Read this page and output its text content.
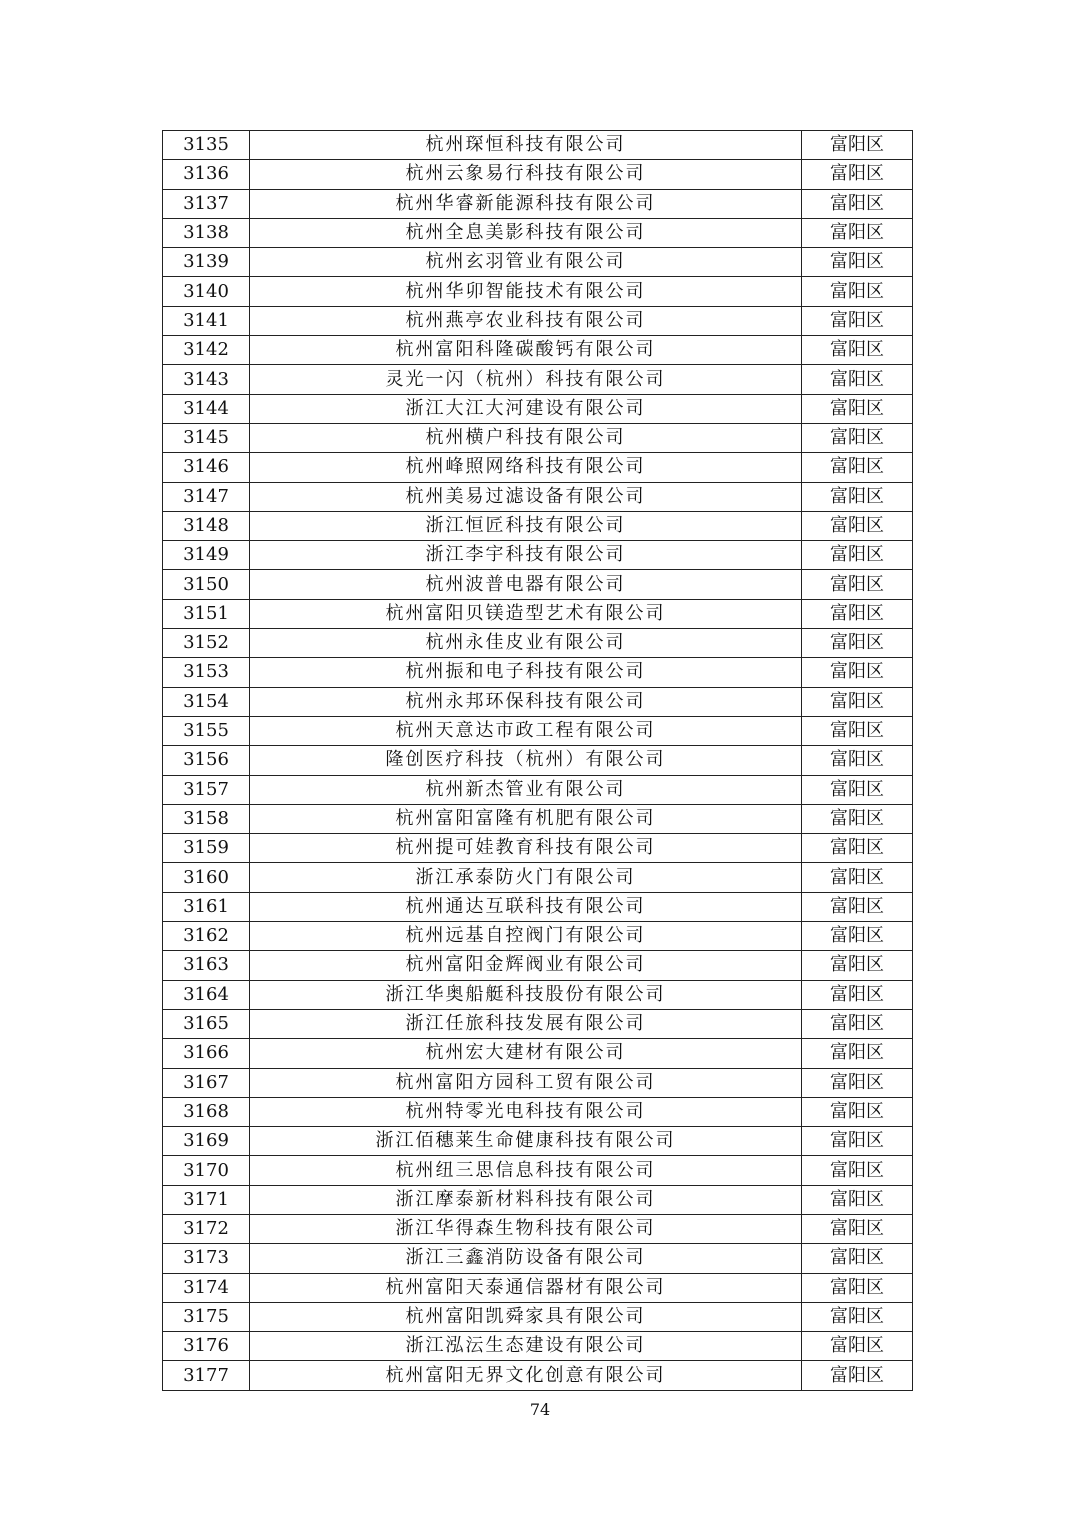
3135	杭州琛恒科技有限公司	富阳区
3136	杭州云象易行科技有限公司	富阳区
3137	杭州华睿新能源科技有限公司	富阳区
3138	杭州全息美影科技有限公司	富阳区
3139	杭州玄羽管业有限公司	富阳区
3140	杭州华卯智能技术有限公司	富阳区
3141	杭州燕亭农业科技有限公司	富阳区
3142	杭州富阳科隆碳酸钙有限公司	富阳区
3143	灵光一闪（杭州）科技有限公司	富阳区
3144	浙江大江大河建设有限公司	富阳区
3145	杭州横户科技有限公司	富阳区
3146	杭州峰照网络科技有限公司	富阳区
3147	杭州美易过滤设备有限公司	富阳区
3148	浙江恒匠科技有限公司	富阳区
3149	浙江李宇科技有限公司	富阳区
3150	杭州波普电器有限公司	富阳区
3151	杭州富阳贝镁造型艺术有限公司	富阳区
3152	杭州永佳皮业有限公司	富阳区
3153	杭州振和电子科技有限公司	富阳区
3154	杭州永邦环保科技有限公司	富阳区
3155	杭州天意达市政工程有限公司	富阳区
3156	隆创医疗科技（杭州）有限公司	富阳区
3157	杭州新杰管业有限公司	富阳区
3158	杭州富阳富隆有机肥有限公司	富阳区
3159	杭州提可娃教育科技有限公司	富阳区
3160	浙江承泰防火门有限公司	富阳区
3161	杭州通达互联科技有限公司	富阳区
3162	杭州远基自控阀门有限公司	富阳区
3163	杭州富阳金辉阀业有限公司	富阳区
3164	浙江华奥船艇科技股份有限公司	富阳区
3165	浙江任旅科技发展有限公司	富阳区
3166	杭州宏大建材有限公司	富阳区
3167	杭州富阳方园科工贸有限公司	富阳区
3168	杭州特零光电科技有限公司	富阳区
3169	浙江佰穗莱生命健康科技有限公司	富阳区
3170	杭州纽三思信息科技有限公司	富阳区
3171	浙江摩泰新材料科技有限公司	富阳区
3172	浙江华得森生物科技有限公司	富阳区
3173	浙江三鑫消防设备有限公司	富阳区
3174	杭州富阳天泰通信器材有限公司	富阳区
3175	杭州富阳凯舜家具有限公司	富阳区
3176	浙江泓沄生态建设有限公司	富阳区
3177	杭州富阳无界文化创意有限公司	富阳区
74
